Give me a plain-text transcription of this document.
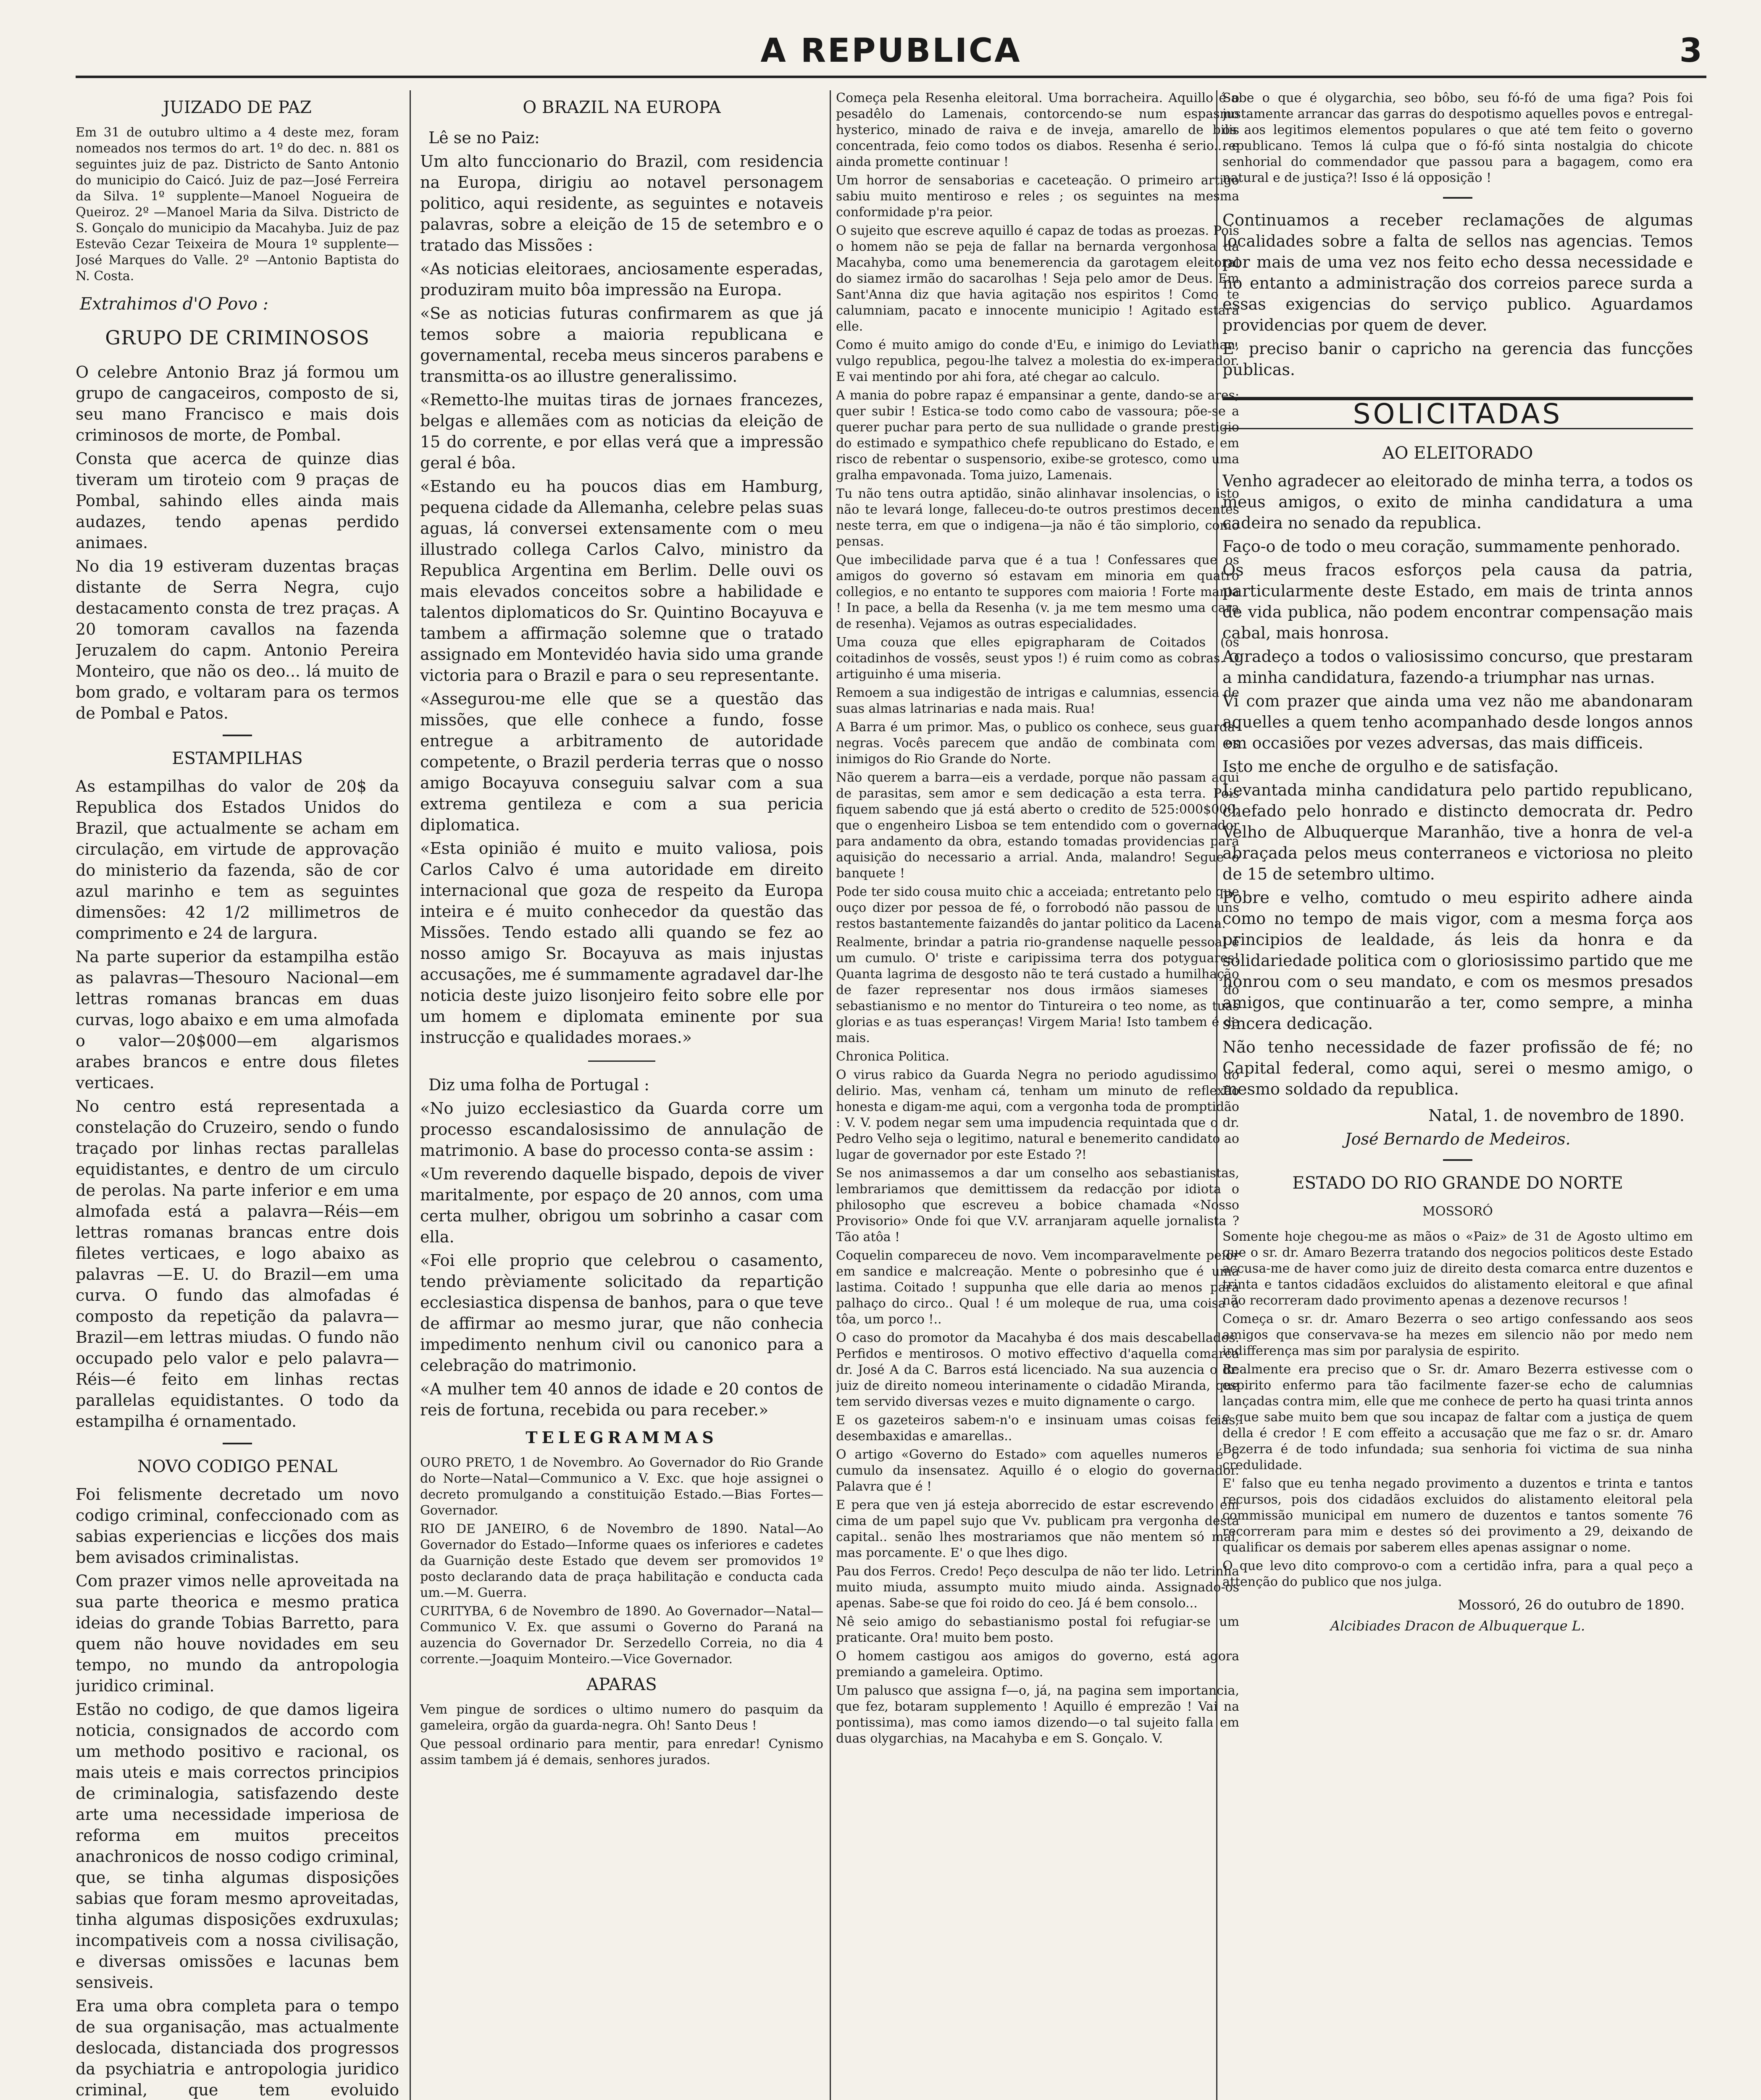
A REPUBLICA	3
JUIZADO DE PAZ

Em 31 de outubro ultimo a 4 deste mez, foram nomeados nos termos do art. 1º do dec. n. 881 os seguintes juiz de paz. Districto de Santo Antonio do municipio do Caicó. Juiz de paz—José Ferreira da Silva. 1º supplente—Manoel Nogueira de Queiroz. 2º —Manoel Maria da Silva. Districto de S. Gonçalo do municipio da Macahyba. Juiz de paz Estevão Cezar Teixeira de Moura 1º supplente—José Marques do Valle. 2º —Antonio Baptista do N. Costa.

Extrahimos d'O Povo :
GRUPO DE CRIMINOSOS

O celebre Antonio Braz já formou um grupo de cangaceiros, composto de si, seu mano Francisco e mais dois criminosos de morte, de Pombal.

Consta que acerca de quinze dias tiveram um tiroteio com 9 praças de Pombal, sahindo elles ainda mais audazes, tendo apenas perdido animaes.

No dia 19 estiveram duzentas braças distante de Serra Negra, cujo destacamento consta de trez praças. A 20 tomoram cavallos na fazenda Jeruzalem do capm. Antonio Pereira Monteiro, que não os deo... lá muito de bom grado, e voltaram para os termos de Pombal e Patos.

ESTAMPILHAS

As estampilhas do valor de 20$ da Republica dos Estados Unidos do Brazil, que actualmente se acham em circulação, em virtude de approvação do ministerio da fazenda, são de cor azul marinho e tem as seguintes dimensões: 42 1/2 millimetros de comprimento e 24 de largura.

Na parte superior da estampilha estão as palavras—Thesouro Nacional—em lettras romanas brancas em duas curvas, logo abaixo e em uma almofada o valor—20$000—em algarismos arabes brancos e entre dous filetes verticaes.

No centro está representada a constelação do Cruzeiro, sendo o fundo traçado por linhas rectas parallelas equidistantes, e dentro de um circulo de perolas. Na parte inferior e em uma almofada está a palavra—Réis—em lettras romanas brancas entre dois filetes verticaes, e logo abaixo as palavras —E. U. do Brazil—em uma curva. O fundo das almofadas é composto da repetição da palavra—Brazil—em lettras miudas. O fundo não occupado pelo valor e pelo palavra—Réis—é feito em linhas rectas parallelas equidistantes. O todo da estampilha é ornamentado.

NOVO CODIGO PENAL

Foi felismente decretado um novo codigo criminal, confeccionado com as sabias experiencias e licções dos mais bem avisados criminalistas.

Com prazer vimos nelle aproveitada na sua parte theorica e mesmo pratica ideias do grande Tobias Barretto, para quem não houve novidades em seu tempo, no mundo da antropologia juridico criminal.

Estão no codigo, de que damos ligeira noticia, consignados de accordo com um methodo positivo e racional, os mais uteis e mais correctos principios de criminalogia, satisfazendo deste arte uma necessidade imperiosa de reforma em muitos preceitos anachronicos de nosso codigo criminal, que, se tinha algumas disposições sabias que foram mesmo aproveitadas, tinha algumas disposições exdruxulas; incompativeis com a nossa civilisação, e diversas omissões e lacunas bem sensiveis.

Era uma obra completa para o tempo de sua organisação, mas actualmente deslocada, distanciada dos progressos da psychiatria e antropologia juridico criminal, que tem evoluido

O BRAZIL NA EUROPA
Lê se no Paiz:

Um alto funccionario do Brazil, com residencia na Europa, dirigiu ao notavel personagem politico, aqui residente, as seguintes e notaveis palavras, sobre a eleição de 15 de setembro e o tratado das Missões :

«As noticias eleitoraes, anciosamente esperadas, produziram muito bôa impressão na Europa.

«Se as noticias futuras confirmarem as que já temos sobre a maioria republicana e governamental, receba meus sinceros parabens e transmitta-os ao illustre generalissimo.

«Remetto-lhe muitas tiras de jornaes francezes, belgas e allemães com as noticias da eleição de 15 do corrente, e por ellas verá que a impressão geral é bôa.

«Estando eu ha poucos dias em Hamburg, pequena cidade da Allemanha, celebre pelas suas aguas, lá conversei extensamente com o meu illustrado collega Carlos Calvo, ministro da Republica Argentina em Berlim. Delle ouvi os mais elevados conceitos sobre a habilidade e talentos diplomaticos do Sr. Quintino Bocayuva e tambem a affirmação solemne que o tratado assignado em Montevidéo havia sido uma grande victoria para o Brazil e para o seu representante.

«Assegurou-me elle que se a questão das missões, que elle conhece a fundo, fosse entregue a arbitramento de autoridade competente, o Brazil perderia terras que o nosso amigo Bocayuva conseguiu salvar com a sua extrema gentileza e com a sua pericia diplomatica.

«Esta opinião é muito e muito valiosa, pois Carlos Calvo é uma autoridade em direito internacional que goza de respeito da Europa inteira e é muito conhecedor da questão das Missões. Tendo estado alli quando se fez ao nosso amigo Sr. Bocayuva as mais injustas accusações, me é summamente agradavel dar-lhe noticia deste juizo lisonjeiro feito sobre elle por um homem e diplomata eminente por sua instrucção e qualidades moraes.»

Diz uma folha de Portugal :

«No juizo ecclesiastico da Guarda corre um processo escandalosissimo de annulação de matrimonio. A base do processo conta-se assim :

«Um reverendo daquelle bispado, depois de viver maritalmente, por espaço de 20 annos, com uma certa mulher, obrigou um sobrinho a casar com ella.

«Foi elle proprio que celebrou o casamento, tendo prèviamente solicitado da repartição ecclesiastica dispensa de banhos, para o que teve de affirmar ao mesmo jurar, que não conhecia impedimento nenhum civil ou canonico para a celebração do matrimonio.

«A mulher tem 40 annos de idade e 20 contos de reis de fortuna, recebida ou para receber.»

TELEGRAMMAS

OURO PRETO, 1 de Novembro. Ao Governador do Rio Grande do Norte—Natal—Communico a V. Exc. que hoje assignei o decreto promulgando a constituição Estado.—Bias Fortes—Governador.

RIO DE JANEIRO, 6 de Novembro de 1890. Natal—Ao Governador do Estado—Informe quaes os inferiores e cadetes da Guarnição deste Estado que devem ser promovidos 1º posto declarando data de praça habilitação e conducta cada um.—M. Guerra.

CURITYBA, 6 de Novembro de 1890. Ao Governador—Natal—Communico V. Ex. que assumi o Governo do Paraná na auzencia do Governador Dr. Serzedello Correia, no dia 4 corrente.—Joaquim Monteiro.—Vice Governador.

APARAS

Vem pingue de sordices o ultimo numero do pasquim da gameleira, orgão da guarda-negra. Oh! Santo Deus !

Que pessoal ordinario para mentir, para enredar! Cynismo assim tambem já é demais, senhores jurados.

Começa pela Resenha eleitoral. Uma borracheira. Aquillo é o pesadêlo do Lamenais, contorcendo-se num espasmo hysterico, minado de raiva e de inveja, amarello de bilis concentrada, feio como todos os diabos. Resenha é serio... e ainda promette continuar !

Um horror de sensaborias e caceteação. O primeiro artigo sabiu muito mentiroso e reles ; os seguintes na mesma conformidade p'ra peior.

O sujeito que escreve aquillo é capaz de todas as proezas. Pois o homem não se peja de fallar na bernarda vergonhosa da Macahyba, como uma benemerencia da garotagem eleitoral do siamez irmão do sacarolhas ! Seja pelo amor de Deus. Em Sant'Anna diz que havia agitação nos espiritos ! Como te calumniam, pacato e innocente municipio ! Agitado estará elle.

Como é muito amigo do conde d'Eu, e inimigo do Leviathan, vulgo republica, pegou-lhe talvez a molestia do ex-imperador. E vai mentindo por ahi fora, até chegar ao calculo.

A mania do pobre rapaz é empansinar a gente, dando-se ares; quer subir ! Estica-se todo como cabo de vassoura; põe-se a querer puchar para perto de sua nullidade o grande prestigio do estimado e sympathico chefe republicano do Estado, e em risco de rebentar o suspensorio, exibe-se grotesco, como uma gralha empavonada. Toma juizo, Lamenais.

Tu não tens outra aptidão, sinão alinhavar insolencias, o isto não te levará longe, falleceu-do-te outros prestimos decentes neste terra, em que o indigena—ja não é tão simplorio, como pensas.

Que imbecilidade parva que é a tua ! Confessares que os amigos do governo só estavam em minoria em quatro collegios, e no entanto te suppores com maioria ! Forte mania ! In pace, a bella da Resenha (v. ja me tem mesmo uma cara de resenha). Vejamos as outras especialidades.

Uma couza que elles epigrapharam de Coitados (os coitadinhos de vossês, seust ypos !) é ruim como as cobras. O artiguinho é uma miseria.

Remoem a sua indigestão de intrigas e calumnias, essencia de suas almas latrinarias e nada mais. Rua!

A Barra é um primor. Mas, o publico os conhece, seus guarda-negras. Vocês parecem que andão de combinata com os inimigos do Rio Grande do Norte.

Não querem a barra—eis a verdade, porque não passam aqui de parasitas, sem amor e sem dedicação a esta terra. Pois fiquem sabendo que já está aberto o credito de 525:000$000, que o engenheiro Lisboa se tem entendido com o governador para andamento da obra, estando tomadas providencias para aquisição do necessario a arrial. Anda, malandro! Segue o banquete !

Pode ter sido cousa muito chic a acceiada; entretanto pelo que ouço dizer por pessoa de fé, o forrobodó não passou de uns restos bastantemente faizandês do jantar politico da Lacena.

Realmente, brindar a patria rio-grandense naquelle pessoal é um cumulo. O' triste e caripissima terra dos potyguares! Quanta lagrima de desgosto não te terá custado a humilhação de fazer representar nos dous irmãos siameses do sebastianismo e no mentor do Tintureira o teo nome, as tuas glorias e as tuas esperanças! Virgem Maria! Isto tambem é de mais.

Chronica Politica.

O virus rabico da Guarda Negra no periodo agudissimo do delirio. Mas, venham cá, tenham um minuto de reflexão honesta e digam-me aqui, com a vergonha toda de promptidão : V. V. podem negar sem uma impudencia requintada que o dr. Pedro Velho seja o legitimo, natural e benemerito candidato ao lugar de governador por este Estado ?!

Se nos animassemos a dar um conselho aos sebastianistas, lembrariamos que demittissem da redacção por idiota o philosopho que escreveu a bobice chamada «Nosso Provisorio» Onde foi que V.V. arranjaram aquelle jornalista ? Tão atôa !

Coquelin compareceu de novo. Vem incomparavelmente peior em sandice e malcreação. Mente o pobresinho que é uma lastima. Coitado ! suppunha que elle daria ao menos para palhaço do circo.. Qual ! é um moleque de rua, uma coisa á tôa, um porco !..

O caso do promotor da Macahyba é dos mais descabellados. Perfidos e mentirosos. O motivo effectivo d'aquella comarca dr. José A da C. Barros está licenciado. Na sua auzencia o dr. juiz de direito nomeou interinamente o cidadão Miranda, que tem servido diversas vezes e muito dignamente o cargo.

E os gazeteiros sabem-n'o e insinuam umas coisas feias, desembaxidas e amarellas..

O artigo «Governo do Estado» com aquelles numeros é o cumulo da insensatez. Aquillo é o elogio do governador. Palavra que é !

E pera que ven já esteja aborrecido de estar escrevendo em cima de um papel sujo que Vv. publicam pra vergonha desta capital.. senão lhes mostrariamos que não mentem só mal, mas porcamente. E' o que lhes digo.

Pau dos Ferros. Credo! Peço desculpa de não ter lido. Letrinha muito miuda, assumpto muito miudo ainda. Assignado-os apenas. Sabe-se que foi roido do ceo. Já é bem consolo...

Nê seio amigo do sebastianismo postal foi refugiar-se um praticante. Ora! muito bem posto.

O homem castigou aos amigos do governo, está agora premiando a gameleira. Optimo.

Um palusco que assigna f—o, já, na pagina sem importancia, que fez, botaram supplemento ! Aquillo é emprezão ! Vai na pontissima), mas como iamos dizendo—o tal sujeito falla em duas olygarchias, na Macahyba e em S. Gonçalo. V.

Sabe o que é olygarchia, seo bôbo, seu fó-fó de uma figa? Pois foi justamente arrancar das garras do despotismo aquelles povos e entregal-os aos legitimos elementos populares o que até tem feito o governo republicano. Temos lá culpa que o fó-fó sinta nostalgia do chicote senhorial do commendador que passou para a bagagem, como era natural e de justiça?! Isso é lá opposição !

Continuamos a receber reclamações de algumas localidades sobre a falta de sellos nas agencias. Temos por mais de uma vez nos feito echo dessa necessidade e no entanto a administração dos correios parece surda a essas exigencias do serviço publico. Aguardamos providencias por quem de dever.

E' preciso banir o capricho na gerencia das funcções publicas.

SOLICITADAS
AO ELEITORADO

Venho agradecer ao eleitorado de minha terra, a todos os meus amigos, o exito de minha candidatura a uma cadeira no senado da republica.

Faço-o de todo o meu coração, summamente penhorado.

Os meus fracos esforços pela causa da patria, particularmente deste Estado, em mais de trinta annos de vida publica, não podem encontrar compensação mais cabal, mais honrosa.

Agradeço a todos o valiosissimo concurso, que prestaram a minha candidatura, fazendo-a triumphar nas urnas.

Vi com prazer que ainda uma vez não me abandonaram aquelles a quem tenho acompanhado desde longos annos em occasiões por vezes adversas, das mais difficeis.

Isto me enche de orgulho e de satisfação.

Levantada minha candidatura pelo partido republicano, chefado pelo honrado e distincto democrata dr. Pedro Velho de Albuquerque Maranhão, tive a honra de vel-a abraçada pelos meus conterraneos e victoriosa no pleito de 15 de setembro ultimo.

Pobre e velho, comtudo o meu espirito adhere ainda como no tempo de mais vigor, com a mesma força aos principios de lealdade, ás leis da honra e da solidariedade politica com o gloriosissimo partido que me honrou com o seu mandato, e com os mesmos presados amigos, que continuarão a ter, como sempre, a minha sincera dedicação.

Não tenho necessidade de fazer profissão de fé; no Capital federal, como aqui, serei o mesmo amigo, o mesmo soldado da republica.

Natal, 1. de novembro de 1890.
José Bernardo de Medeiros.
ESTADO DO RIO GRANDE DO NORTE
MOSSORÓ

Somente hoje chegou-me as mãos o «Paiz» de 31 de Agosto ultimo em que o sr. dr. Amaro Bezerra tratando dos negocios politicos deste Estado accusa-me de haver como juiz de direito desta comarca entre duzentos e trinta e tantos cidadãos excluidos do alistamento eleitoral e que afinal não recorreram dado provimento apenas a dezenove recursos !

Começa o sr. dr. Amaro Bezerra o seo artigo confessando aos seos amigos que conservava-se ha mezes em silencio não por medo nem indifferença mas sim por paralysia de espirito.

Realmente era preciso que o Sr. dr. Amaro Bezerra estivesse com o espirito enfermo para tão facilmente fazer-se echo de calumnias lançadas contra mim, elle que me conhece de perto ha quasi trinta annos e que sabe muito bem que sou incapaz de faltar com a justiça de quem della é credor ! E com effeito a accusação que me faz o sr. dr. Amaro Bezerra é de todo infundada; sua senhoria foi victima de sua ninha credulidade.

E' falso que eu tenha negado provimento a duzentos e trinta e tantos recursos, pois dos cidadãos excluidos do alistamento eleitoral pela commissão municipal em numero de duzentos e tantos somente 76 recorreram para mim e destes só dei provimento a 29, deixando de qualificar os demais por saberem elles apenas assignar o nome.

O que levo dito comprovo-o com a certidão infra, para a qual peço a attenção do publico que nos julga.

Mossoró, 26 do outubro de 1890.
Alcibiades Dracon de Albuquerque L.
